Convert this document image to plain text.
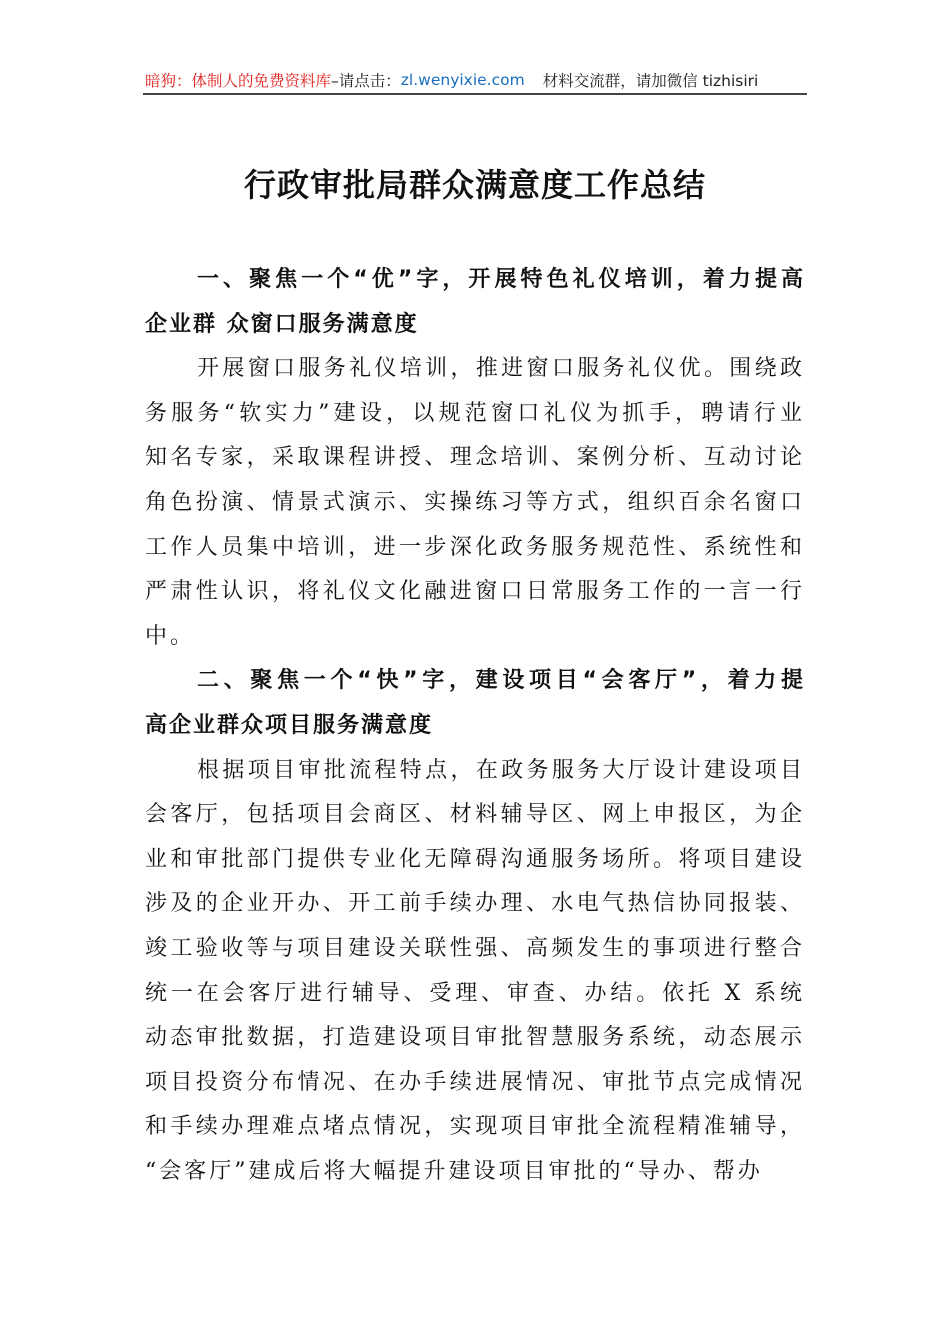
暗狗：体制人的免费资料库 –请点击： zl.wenyixie.com 材料交流群，请加微信 tizhisiri
行政审批局群众满意度工作总结
一、聚焦一个“优”字，开展特色礼仪培训，着力提高
企业群 众窗口服务满意度
开展窗口服务礼仪培训，推进窗口服务礼仪优。围绕政
务服务“软实力”建设，以规范窗口礼仪为抓手，聘请行业
知名专家，采取课程讲授、理念培训、案例分析、互动讨论
角色扮演、情景式演示、实操练习等方式，组织百余名窗口
工作人员集中培训，进一步深化政务服务规范性、系统性和
严肃性认识，将礼仪文化融进窗口日常服务工作的一言一行
中。
二、聚焦一个“快”字，建设项目“会客厅”，着力提
高企业群众项目服务满意度
根据项目审批流程特点，在政务服务大厅设计建设项目
会客厅，包括项目会商区、材料辅导区、网上申报区，为企
业和审批部门提供专业化无障碍沟通服务场所。将项目建设
涉及的企业开办、开工前手续办理、水电气热信协同报装、
竣工验收等与项目建设关联性强、高频发生的事项进行整合
统一在会客厅进行辅导、受理、审查、办结。依托 X 系统
动态审批数据，打造建设项目审批智慧服务系统，动态展示
项目投资分布情况、在办手续进展情况、审批节点完成情况
和手续办理难点堵点情况，实现项目审批全流程精准辅导，
“会客厅”建成后将大幅提升建设项目审批的“导办、帮办
